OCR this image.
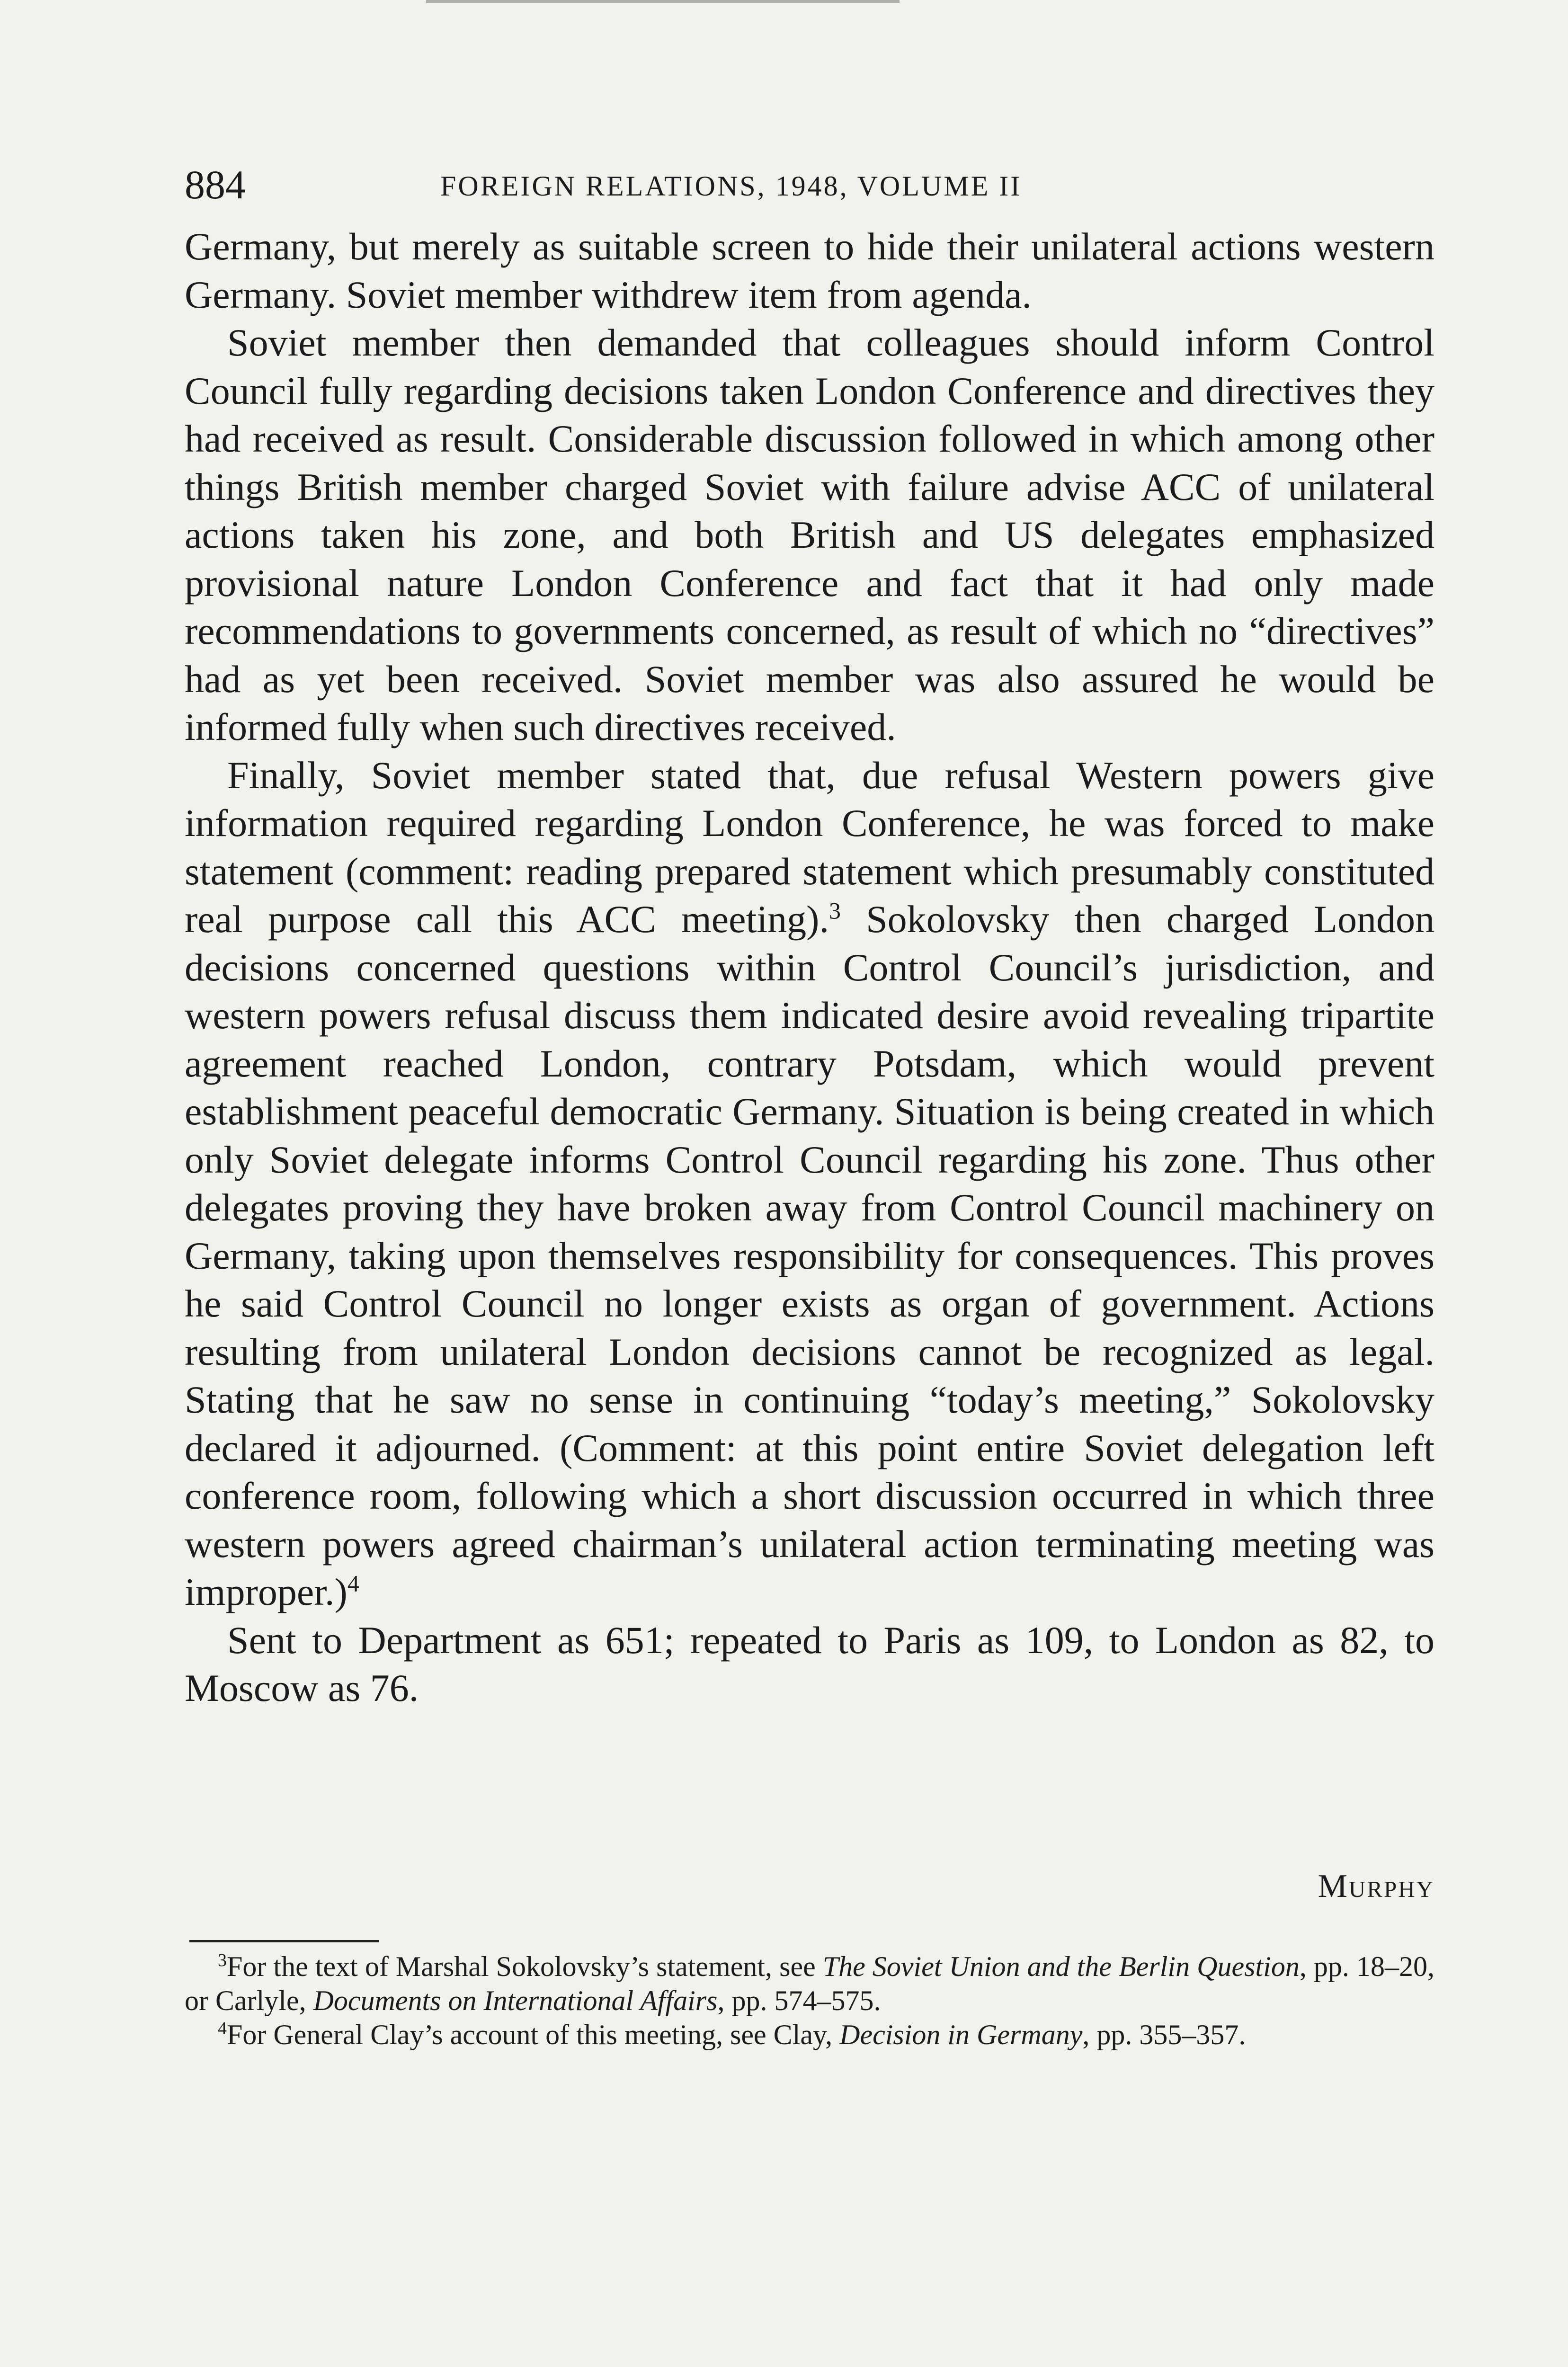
884	FOREIGN RELATIONS, 1948, VOLUME II

Germany, but merely as suitable screen to hide their unilateral actions western Germany. Soviet member withdrew item from agenda.

Soviet member then demanded that colleagues should inform Control Council fully regarding decisions taken London Conference and directives they had received as result. Considerable discussion followed in which among other things British member charged Soviet with failure advise ACC of unilateral actions taken his zone, and both British and US delegates emphasized provisional nature London Conference and fact that it had only made recommendations to governments concerned, as result of which no “directives” had as yet been received. Soviet member was also assured he would be informed fully when such directives received.

Finally, Soviet member stated that, due refusal Western powers give information required regarding London Conference, he was forced to make statement (comment: reading prepared statement which presumably constituted real purpose call this ACC meeting).$^3$ Sokolovsky then charged London decisions concerned questions within Control Council’s jurisdiction, and western powers refusal discuss them indicated desire avoid revealing tripartite agreement reached London, contrary Potsdam, which would prevent establishment peaceful democratic Germany. Situation is being created in which only Soviet delegate informs Control Council regarding his zone. Thus other delegates proving they have broken away from Control Council machinery on Germany, taking upon themselves responsibility for consequences. This proves he said Control Council no longer exists as organ of government. Actions resulting from unilateral London decisions cannot be recognized as legal. Stating that he saw no sense in continuing “today’s meeting,” Sokolovsky declared it adjourned. (Comment: at this point entire Soviet delegation left conference room, following which a short discussion occurred in which three western powers agreed chairman’s unilateral action terminating meeting was improper.)$^4$

Sent to Department as 651; repeated to Paris as 109, to London as 82, to Moscow as 76.

Murphy

$^3$For the text of Marshal Sokolovsky’s statement, see The Soviet Union and the Berlin Question, pp. 18–20, or Carlyle, Documents on International Affairs, pp. 574–575.

$^4$For General Clay’s account of this meeting, see Clay, Decision in Germany, pp. 355–357.
